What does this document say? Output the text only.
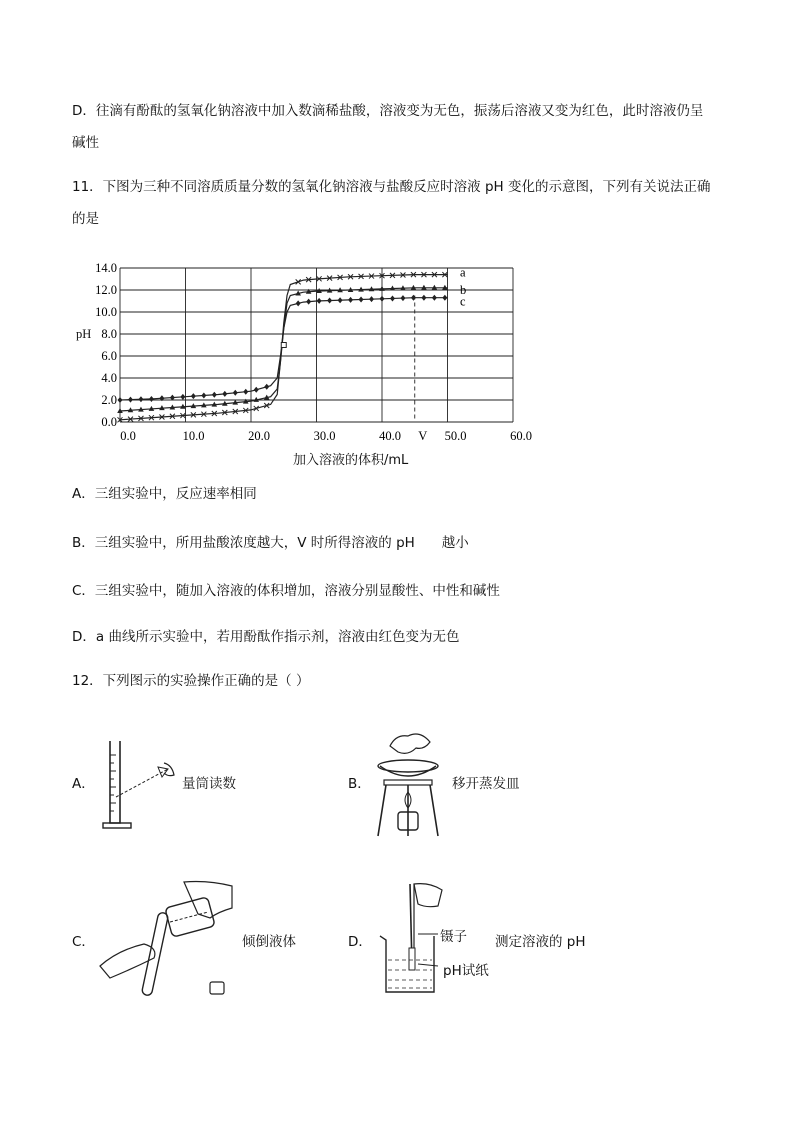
D．往滴有酚酞的氢氧化钠溶液中加入数滴稀盐酸，溶液变为无色，振荡后溶液又变为红色，此时溶液仍呈
碱性
11．下图为三种不同溶质质量分数的氢氧化钠溶液与盐酸反应时溶液 pH 变化的示意图，下列有关说法正确
的是
14.0
12.0
10.0
8.0
6.0
4.0
2.0
0.0
0.0	10.0	20.0	30.0	40.0 V 50.0	60.0
a
b
c
pH
加入溶液的体积/mL
A．三组实验中，反应速率相同
B．三组实验中，所用盐酸浓度越大，V 时所得溶液的 pH　　越小
C．三组实验中，随加入溶液的体积增加，溶液分别显酸性、中性和碱性
D．a 曲线所示实验中，若用酚酞作指示剂，溶液由红色变为无色
12．下列图示的实验操作正确的是（ ）
A．	量筒读数	B．	移开蒸发皿
C．	倾倒液体	D．	测定溶液的 pH
镊子
pH试纸
